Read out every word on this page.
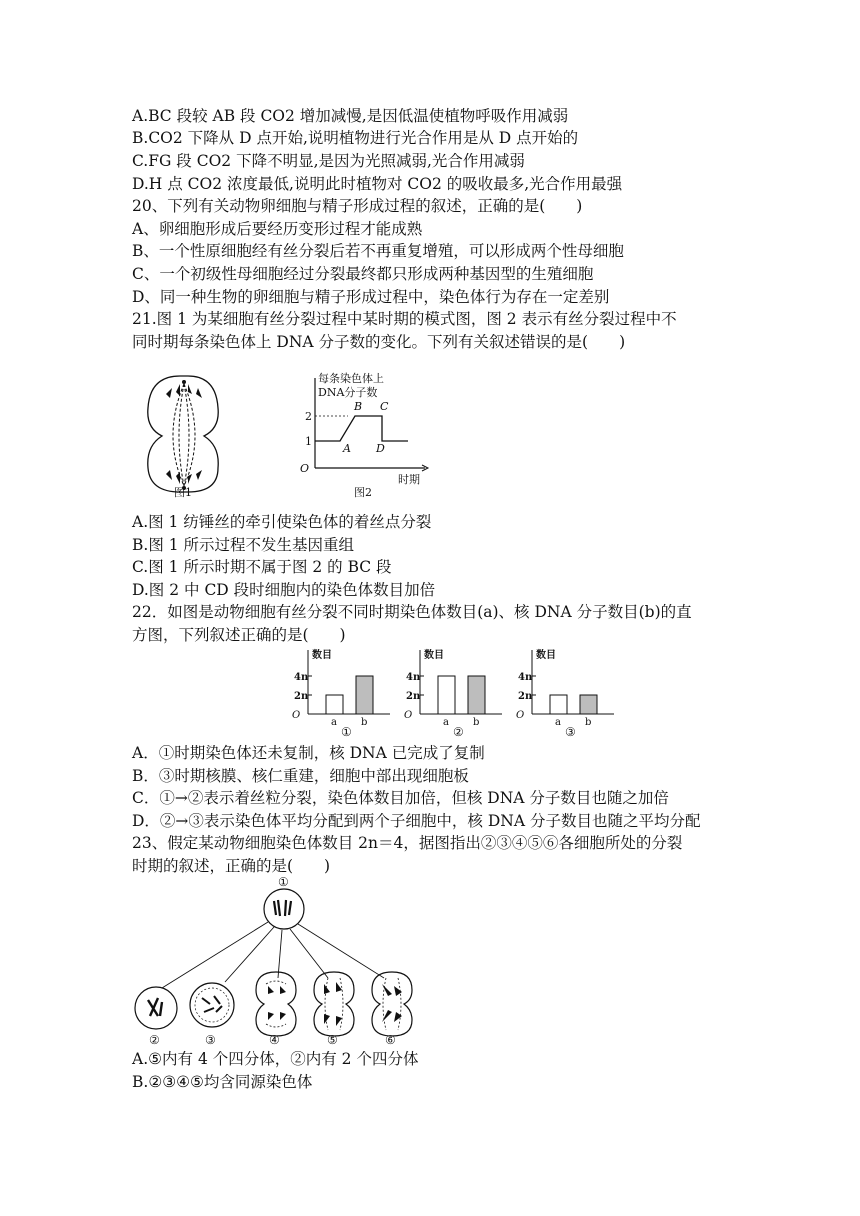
A.BC 段较 AB 段 CO2 增加减慢,是因低温使植物呼吸作用减弱
B.CO2 下降从 D 点开始,说明植物进行光合作用是从 D 点开始的
C.FG 段 CO2 下降不明显,是因为光照减弱,光合作用减弱
D.H 点 CO2 浓度最低,说明此时植物对 CO2 的吸收最多,光合作用最强
20、下列有关动物卵细胞与精子形成过程的叙述，正确的是(　　)
A、卵细胞形成后要经历变形过程才能成熟
B、一个性原细胞经有丝分裂后若不再重复增殖，可以形成两个性母细胞
C、一个初级性母细胞经过分裂最终都只形成两种基因型的生殖细胞
D、同一种生物的卵细胞与精子形成过程中，染色体行为存在一定差别
21.图 1 为某细胞有丝分裂过程中某时期的模式图，图 2 表示有丝分裂过程中不
同时期每条染色体上 DNA 分子数的变化。下列有关叙述错误的是(　　)
图1
每条染色体上
DNA分子数
O
2
1
A
B C
D
时期
图2
A.图 1 纺锤丝的牵引使染色体的着丝点分裂
B.图 1 所示过程不发生基因重组
C.图 1 所示时期不属于图 2 的 BC 段
D.图 2 中 CD 段时细胞内的染色体数目加倍
22．如图是动物细胞有丝分裂不同时期染色体数目(a)、核 DNA 分子数目(b)的直
方图，下列叙述正确的是(　　)
数目
O
4n
2n
a b
①
数目
O
4n
2n
a b
②
数目
O
4n
2n
a b
③
A．①时期染色体还未复制，核 DNA 已完成了复制
B．③时期核膜、核仁重建，细胞中部出现细胞板
C．①→②表示着丝粒分裂，染色体数目加倍，但核 DNA 分子数目也随之加倍
D．②→③表示染色体平均分配到两个子细胞中，核 DNA 分子数目也随之平均分配
23、假定某动物细胞染色体数目 2n＝4，据图指出②③④⑤⑥各细胞所处的分裂
时期的叙述，正确的是(　　)
①
②	③	④	⑤	⑥
A.⑤内有 4 个四分体，②内有 2 个四分体
B.②③④⑤均含同源染色体
